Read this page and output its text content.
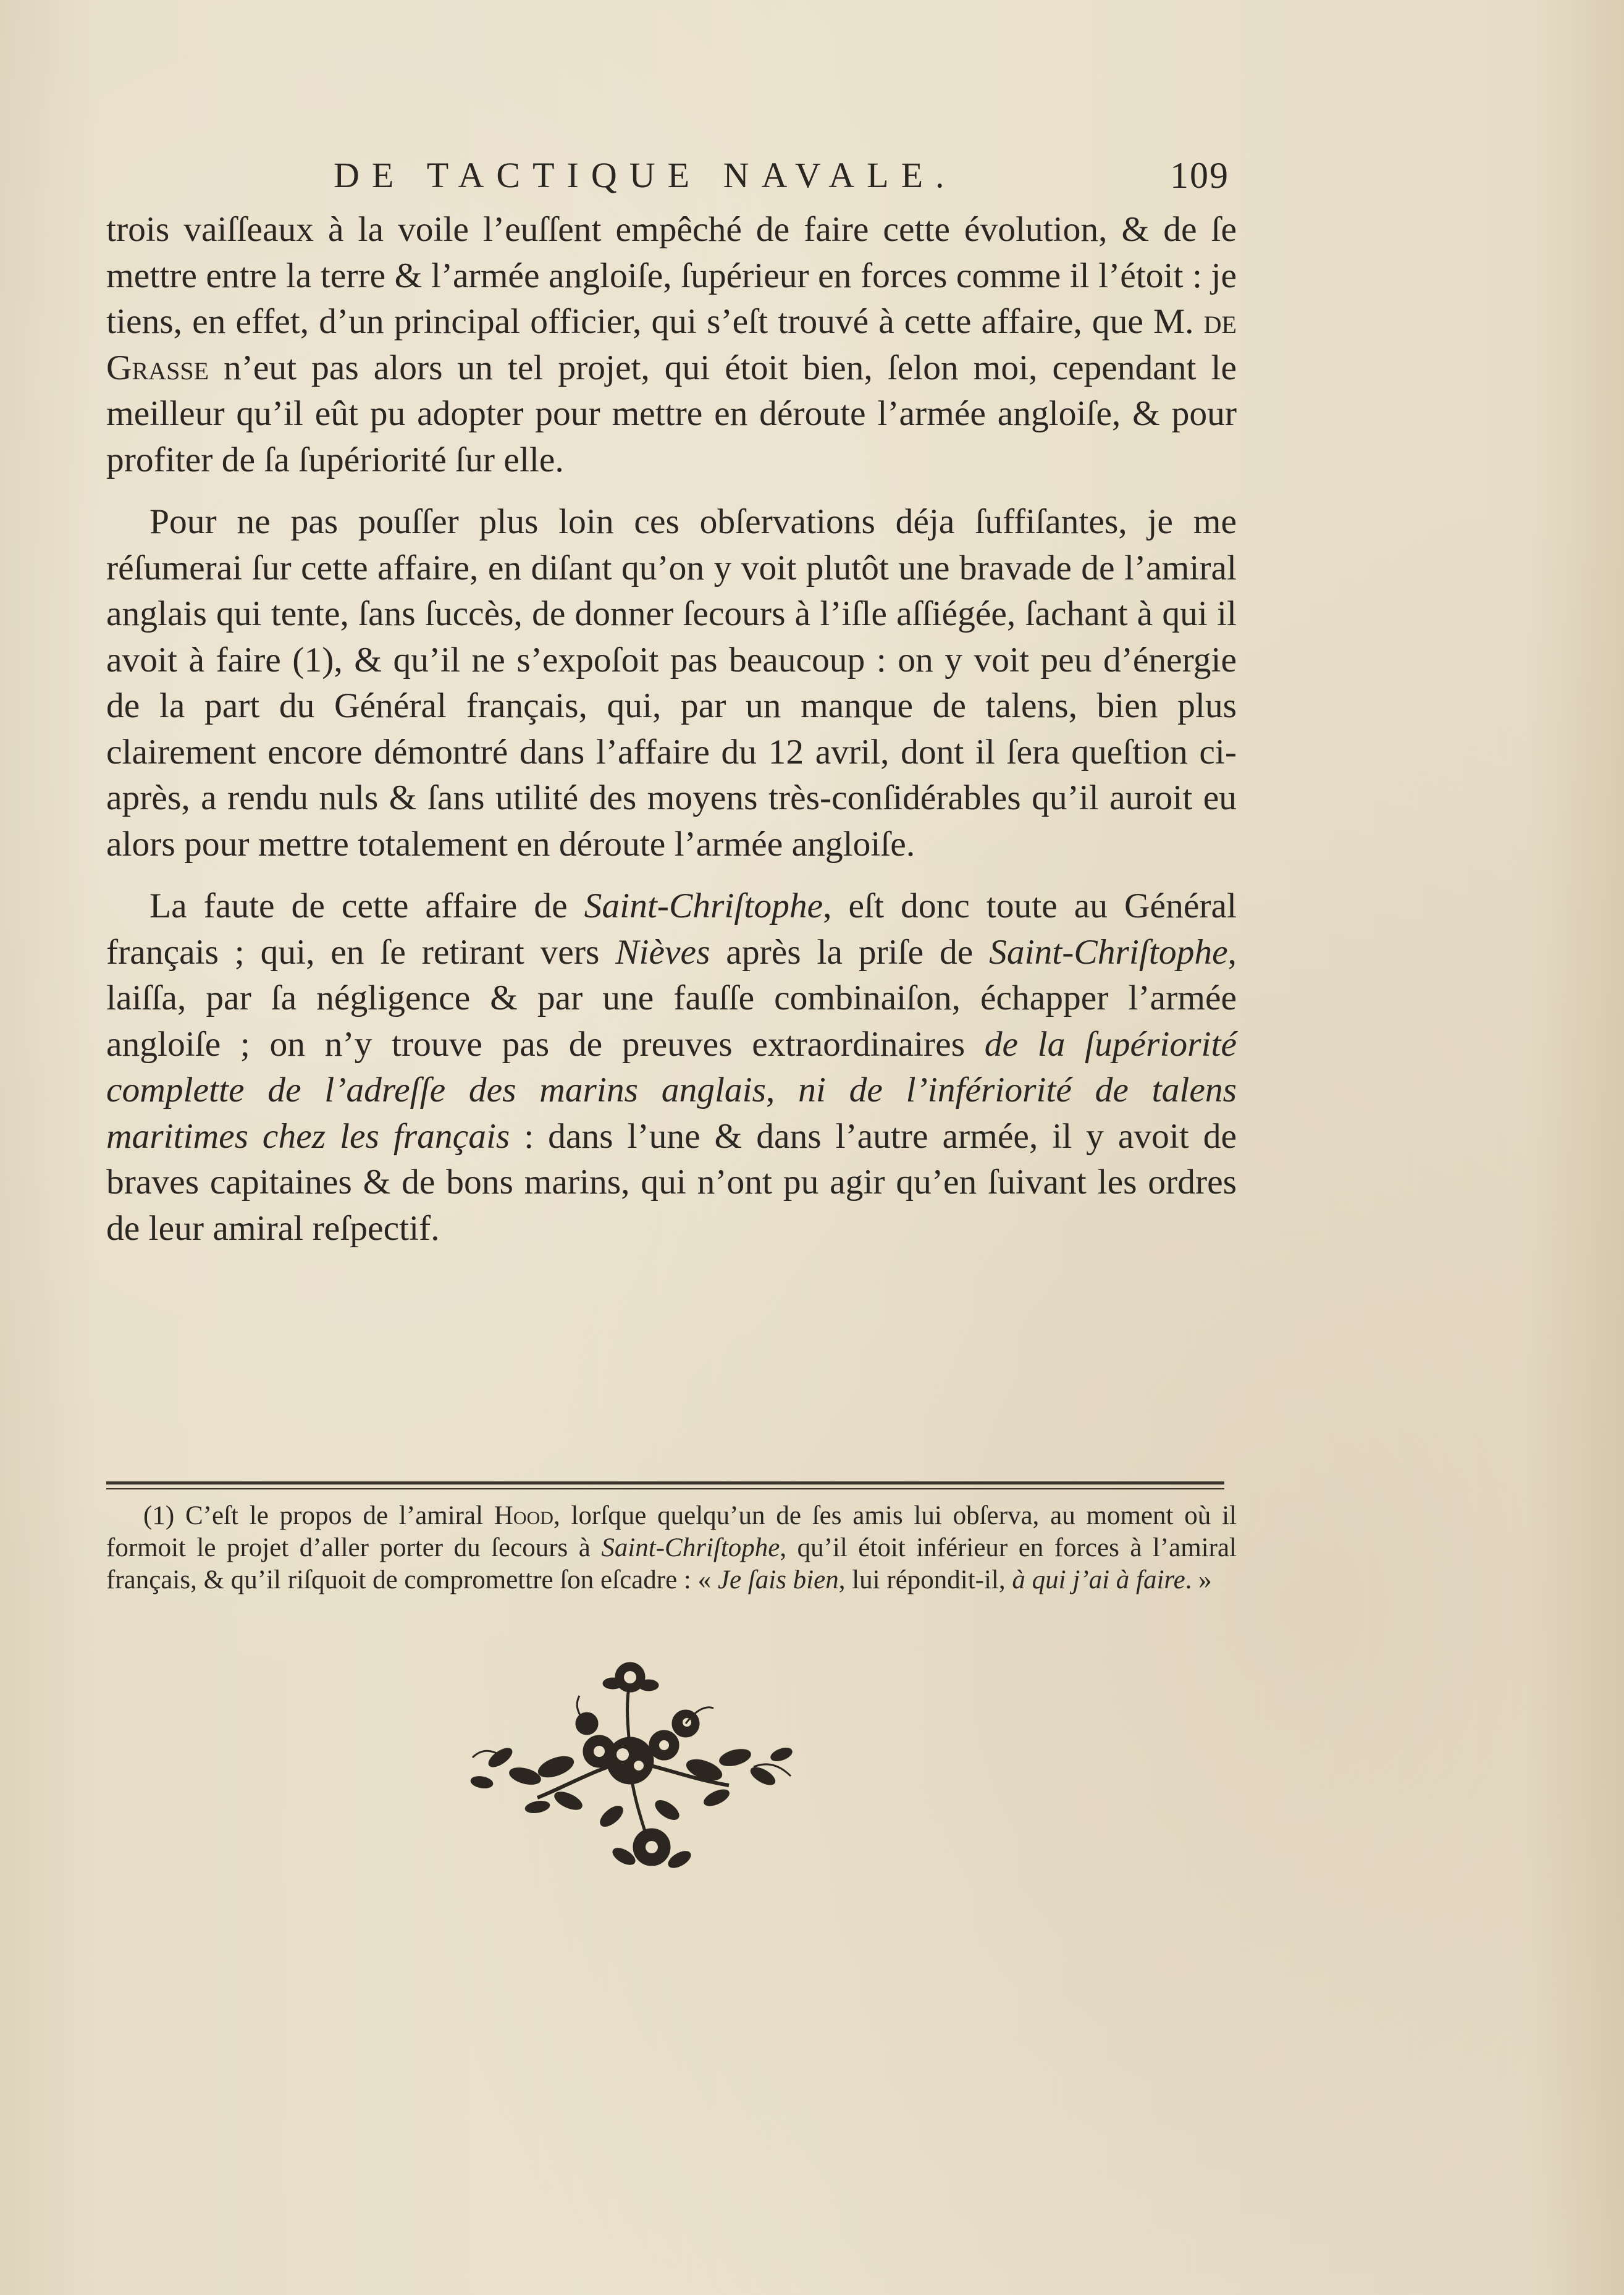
DE TACTIQUE NAVALE.	109

trois vaiſſeaux à la voile l’euſſent empêché de faire cette évolution, & de ſe mettre entre la terre & l’armée angloiſe, ſupérieur en forces comme il l’étoit : je tiens, en effet, d’un principal officier, qui s’eſt trouvé à cette affaire, que M. de Grasse n’eut pas alors un tel projet, qui étoit bien, ſelon moi, cependant le meilleur qu’il eût pu adopter pour mettre en déroute l’armée angloiſe, & pour profiter de ſa ſupériorité ſur elle.

Pour ne pas pouſſer plus loin ces obſervations déja ſuffiſantes, je me réſumerai ſur cette affaire, en diſant qu’on y voit plutôt une bravade de l’amiral anglais qui tente, ſans ſuccès, de donner ſecours à l’iſle aſſiégée, ſachant à qui il avoit à faire (1), & qu’il ne s’expoſoit pas beaucoup : on y voit peu d’énergie de la part du Général français, qui, par un manque de talens, bien plus clairement encore démontré dans l’affaire du 12 avril, dont il ſera queſtion ci-après, a rendu nuls & ſans utilité des moyens très-conſidérables qu’il auroit eu alors pour mettre totalement en déroute l’armée angloiſe.

La faute de cette affaire de Saint-Chriſtophe, eſt donc toute au Général français ; qui, en ſe retirant vers Nièves après la priſe de Saint-Chriſtophe, laiſſa, par ſa négligence & par une fauſſe combinaiſon, échapper l’armée angloiſe ; on n’y trouve pas de preuves extraordinaires de la ſupériorité complette de l’adreſſe des marins anglais, ni de l’infériorité de talens maritimes chez les français : dans l’une & dans l’autre armée, il y avoit de braves capitaines & de bons marins, qui n’ont pu agir qu’en ſuivant les ordres de leur amiral reſpectif.

(1) C’eſt le propos de l’amiral Hood, lorſque quelqu’un de ſes amis lui obſerva, au moment où il formoit le projet d’aller porter du ſecours à Saint-Chriſtophe, qu’il étoit inférieur en forces à l’amiral français, & qu’il riſquoit de compromettre ſon eſcadre : « Je ſais bien, lui répondit-il, à qui j’ai à faire. »
